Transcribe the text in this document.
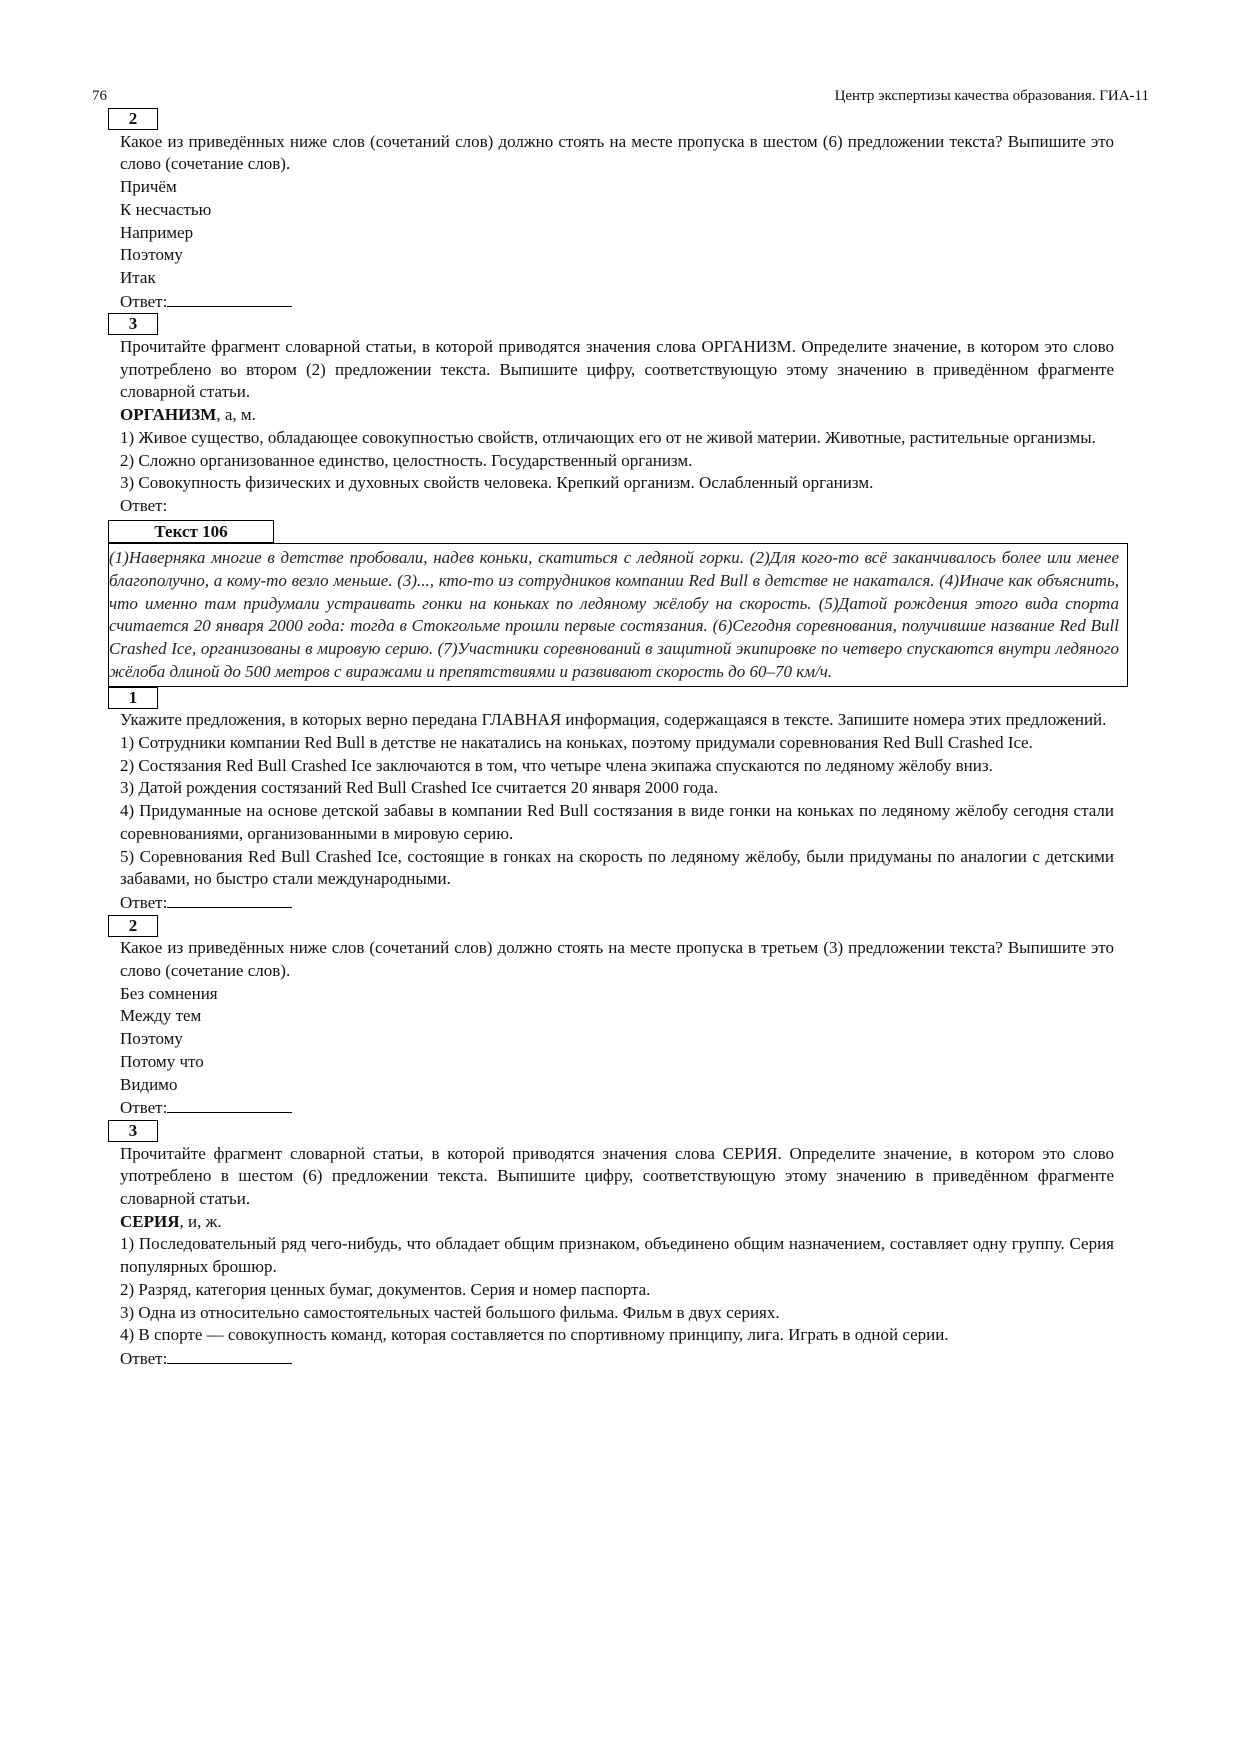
76	Центр экспертизы качества образования. ГИА-11
2

Какое из приведённых ниже слов (сочетаний слов) должно стоять на месте пропуска в шестом (6) предложении текста? Выпишите это слово (сочетание слов).

Причём

К несчастью

Например

Поэтому

Итак

Ответ:

3

Прочитайте фрагмент словарной статьи, в которой приводятся значения слова ОРГАНИЗМ. Определите значение, в котором это слово употреблено во втором (2) предложении текста. Выпишите цифру, соответствующую этому значению в приведённом фрагменте словарной статьи.

ОРГАНИЗМ, а, м.

1) Живое существо, обладающее совокупностью свойств, отличающих его от не живой материи. Животные, растительные организмы.

2) Сложно организованное единство, целостность. Государственный организм.

3) Совокупность физических и духовных свойств человека. Крепкий организм. Ослабленный организм.

Ответ:

Текст 106
(1)Наверняка многие в детстве пробовали, надев коньки, скатиться с ледяной горки. (2)Для кого-то всё заканчивалось более или менее благополучно, а кому-то везло меньше. (3)..., кто-то из сотрудников компании Red Bull в детстве не накатался. (4)Иначе как объяснить, что именно там придумали устраивать гонки на коньках по ледяному жёлобу на скорость. (5)Датой рождения этого вида спорта считается 20 января 2000 года: тогда в Стокгольме прошли первые состязания. (6)Сегодня соревнования, получившие название Red Bull Crashed Ice, организованы в мировую серию. (7)Участники соревнований в защитной экипировке по четверо спускаются внутри ледяного жёлоба длиной до 500 метров с виражами и препятствиями и развивают скорость до 60–70 км/ч.
1

Укажите предложения, в которых верно передана ГЛАВНАЯ информация, содержащаяся в тексте. Запишите номера этих предложений.

1) Сотрудники компании Red Bull в детстве не накатались на коньках, поэтому придумали соревнования Red Bull Crashed Ice.

2) Состязания Red Bull Crashed Ice заключаются в том, что четыре члена экипажа спускаются по ледяному жёлобу вниз.

3) Датой рождения состязаний Red Bull Crashed Ice считается 20 января 2000 года.

4) Придуманные на основе детской забавы в компании Red Bull состязания в виде гонки на коньках по ледяному жёлобу сегодня стали соревнованиями, организованными в мировую серию.

5) Соревнования Red Bull Crashed Ice, состоящие в гонках на скорость по ледяному жёлобу, были придуманы по аналогии с детскими забавами, но быстро стали международными.

Ответ:

2

Какое из приведённых ниже слов (сочетаний слов) должно стоять на месте пропуска в третьем (3) предложении текста? Выпишите это слово (сочетание слов).

Без сомнения

Между тем

Поэтому

Потому что

Видимо

Ответ:

3

Прочитайте фрагмент словарной статьи, в которой приводятся значения слова СЕРИЯ. Определите значение, в котором это слово употреблено в шестом (6) предложении текста. Выпишите цифру, соответствующую этому значению в приведённом фрагменте словарной статьи.

СЕРИЯ, и, ж.

1) Последовательный ряд чего-нибудь, что обладает общим признаком, объединено общим назначением, составляет одну группу. Серия популярных брошюр.

2) Разряд, категория ценных бумаг, документов. Серия и номер паспорта.

3) Одна из относительно самостоятельных частей большого фильма. Фильм в двух сериях.

4) В спорте — совокупность команд, которая составляется по спортивному принципу, лига. Играть в одной серии.

Ответ:
